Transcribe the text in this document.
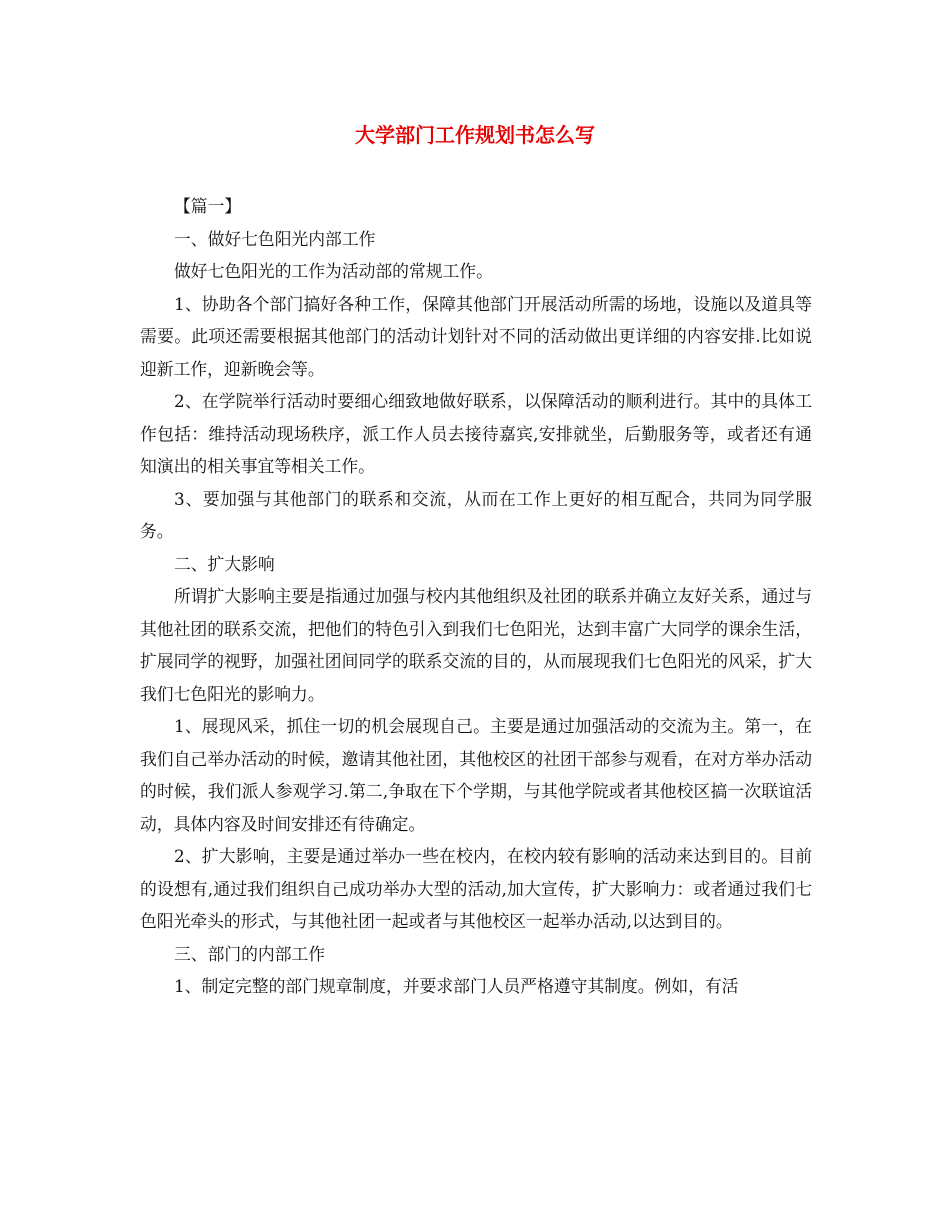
大学部门工作规划书怎么写

【篇一】

一、做好七色阳光内部工作

做好七色阳光的工作为活动部的常规工作。

1、协助各个部门搞好各种工作，保障其他部门开展活动所需的场地，设施以及道具等需要。此项还需要根据其他部门的活动计划针对不同的活动做出更详细的内容安排.比如说迎新工作，迎新晚会等。

2、在学院举行活动时要细心细致地做好联系，以保障活动的顺利进行。其中的具体工作包括：维持活动现场秩序，派工作人员去接待嘉宾,安排就坐，后勤服务等，或者还有通知演出的相关事宜等相关工作。

3、要加强与其他部门的联系和交流，从而在工作上更好的相互配合，共同为同学服务。

二、扩大影响

所谓扩大影响主要是指通过加强与校内其他组织及社团的联系并确立友好关系，通过与其他社团的联系交流，把他们的特色引入到我们七色阳光，达到丰富广大同学的课余生活，扩展同学的视野，加强社团间同学的联系交流的目的，从而展现我们七色阳光的风采，扩大我们七色阳光的影响力。

1、展现风采，抓住一切的机会展现自己。主要是通过加强活动的交流为主。第一，在我们自己举办活动的时候，邀请其他社团，其他校区的社团干部参与观看，在对方举办活动的时候，我们派人参观学习.第二,争取在下个学期，与其他学院或者其他校区搞一次联谊活动，具体内容及时间安排还有待确定。

2、扩大影响，主要是通过举办一些在校内，在校内较有影响的活动来达到目的。目前的设想有,通过我们组织自己成功举办大型的活动,加大宣传，扩大影响力：或者通过我们七色阳光牵头的形式，与其他社团一起或者与其他校区一起举办活动,以达到目的。

三、部门的内部工作

1、制定完整的部门规章制度，并要求部门人员严格遵守其制度。例如，有活
